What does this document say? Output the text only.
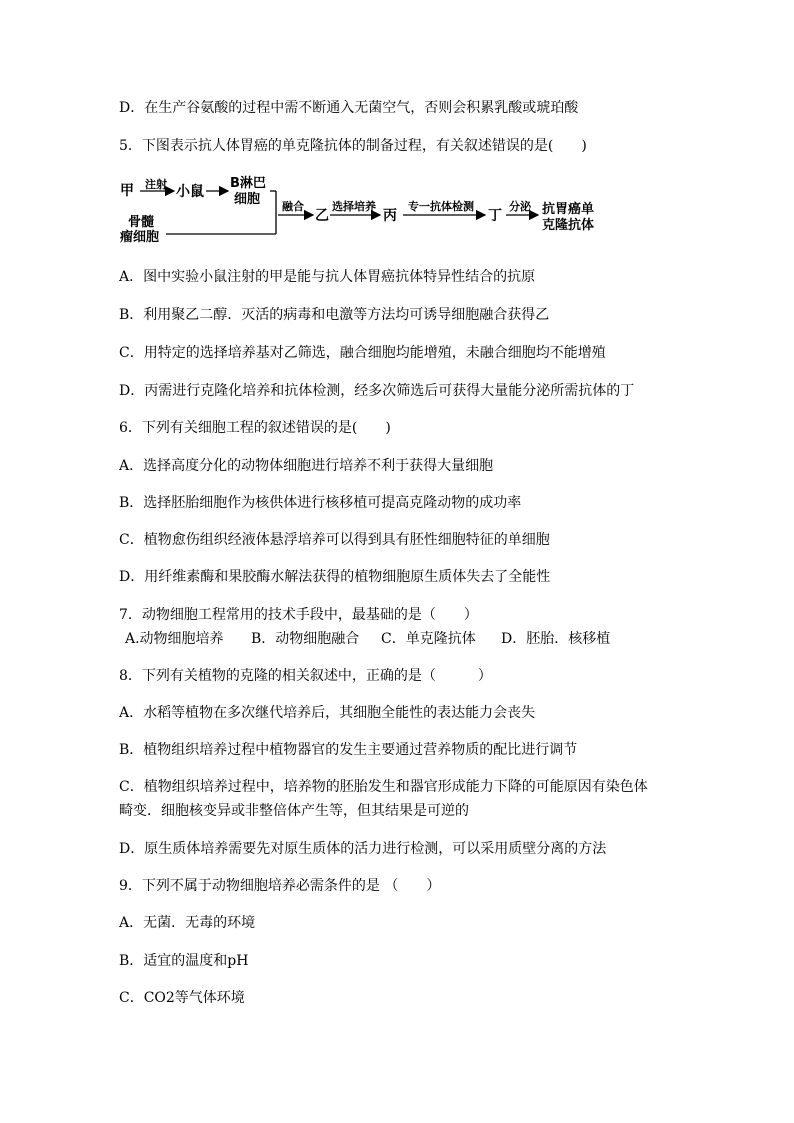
D．在生产谷氨酸的过程中需不断通入无菌空气，否则会积累乳酸或琥珀酸
5．下图表示抗人体胃癌的单克隆抗体的制备过程，有关叙述错误的是(　　)
甲 注射 小鼠
B淋巴
细胞
骨髓
瘤细胞
融合
乙
选择培养
丙
专一抗体检测
丁
分泌 抗胃癌单
克隆抗体
A．图中实验小鼠注射的甲是能与抗人体胃癌抗体特异性结合的抗原
B．利用聚乙二醇．灭活的病毒和电激等方法均可诱导细胞融合获得乙
C．用特定的选择培养基对乙筛选，融合细胞均能增殖，未融合细胞均不能增殖
D．丙需进行克隆化培养和抗体检测，经多次筛选后可获得大量能分泌所需抗体的丁
6．下列有关细胞工程的叙述错误的是(　　)
A．选择高度分化的动物体细胞进行培养不利于获得大量细胞
B．选择胚胎细胞作为核供体进行核移植可提高克隆动物的成功率
C．植物愈伤组织经液体悬浮培养可以得到具有胚性细胞特征的单细胞
D．用纤维素酶和果胶酶水解法获得的植物细胞原生质体失去了全能性
7．动物细胞工程常用的技术手段中，最基础的是（　　）
A.动物细胞培养 B．动物细胞融合 C．单克隆抗体 D．胚胎．核移植
8．下列有关植物的克隆的相关叙述中，正确的是（　　　）
A．水稻等植物在多次继代培养后，其细胞全能性的表达能力会丧失
B．植物组织培养过程中植物器官的发生主要通过营养物质的配比进行调节
C．植物组织培养过程中，培养物的胚胎发生和器官形成能力下降的可能原因有染色体
畸变．细胞核变异或非整倍体产生等，但其结果是可逆的
D．原生质体培养需要先对原生质体的活力进行检测，可以采用质壁分离的方法
9．下列不属于动物细胞培养必需条件的是 （　　）
A．无菌．无毒的环境
B．适宜的温度和pH
C．CO2等气体环境
